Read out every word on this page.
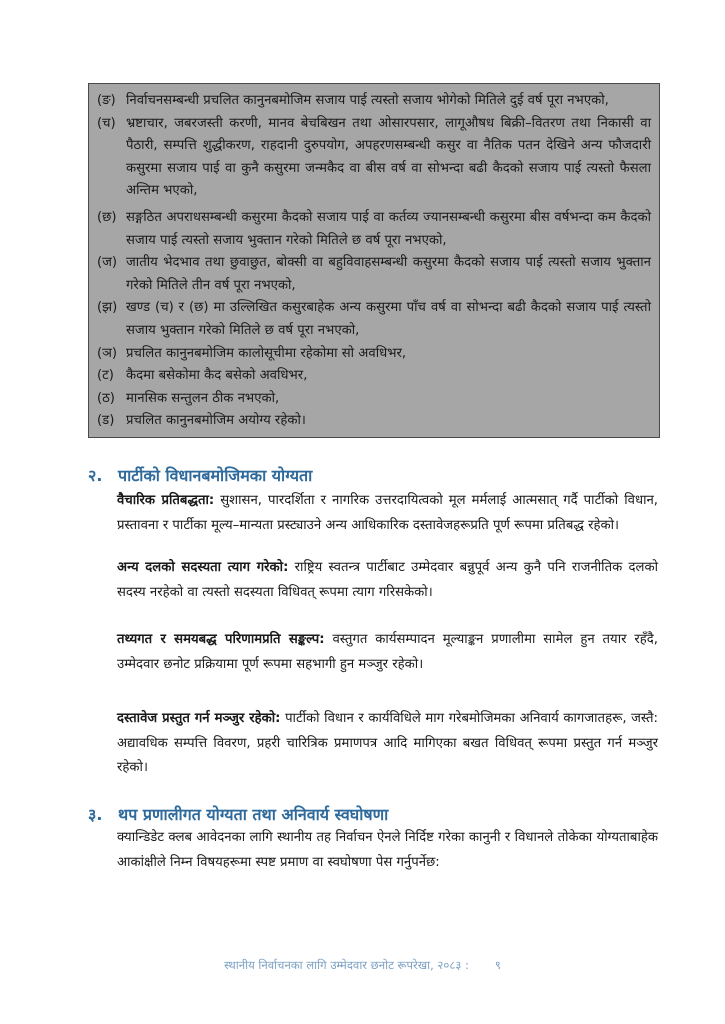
(ङ) निर्वाचनसम्बन्धी प्रचलित कानुनबमोजिम सजाय पाई त्यस्तो सजाय भोगेको मितिले दुई वर्ष पूरा नभएको,
(च) भ्रष्टाचार, जबरजस्ती करणी, मानव बेचबिखन तथा ओसारपसार, लागूऔषध बिक्री–वितरण तथा निकासी वा पैठारी, सम्पत्ति शुद्धीकरण, राहदानी दुरुपयोग, अपहरणसम्बन्धी कसुर वा नैतिक पतन देखिने अन्य फौजदारी कसुरमा सजाय पाई वा कुनै कसुरमा जन्मकैद वा बीस वर्ष वा सोभन्दा बढी कैदको सजाय पाई त्यस्तो फैसला अन्तिम भएको,
(छ) सङ्गठित अपराधसम्बन्धी कसुरमा कैदको सजाय पाई वा कर्तव्य ज्यानसम्बन्धी कसुरमा बीस वर्षभन्दा कम कैदको सजाय पाई त्यस्तो सजाय भुक्तान गरेको मितिले छ वर्ष पूरा नभएको,
(ज) जातीय भेदभाव तथा छुवाछुत, बोक्सी वा बहुविवाहसम्बन्धी कसुरमा कैदको सजाय पाई त्यस्तो सजाय भुक्तान गरेको मितिले तीन वर्ष पूरा नभएको,
(झ) खण्ड (च) र (छ) मा उल्लिखित कसुरबाहेक अन्य कसुरमा पाँच वर्ष वा सोभन्दा बढी कैदको सजाय पाई त्यस्तो सजाय भुक्तान गरेको मितिले छ वर्ष पूरा नभएको,
(ञ) प्रचलित कानुनबमोजिम कालोसूचीमा रहेकोमा सो अवधिभर,
(ट) कैदमा बसेकोमा कैद बसेको अवधिभर,
(ठ) मानसिक सन्तुलन ठीक नभएको,
(ड) प्रचलित कानुनबमोजिम अयोग्य रहेको।
२. पार्टीको विधानबमोजिमका योग्यता
वैचारिक प्रतिबद्धता: सुशासन, पारदर्शिता र नागरिक उत्तरदायित्वको मूल मर्मलाई आत्मसात् गर्दै पार्टीको विधान, प्रस्तावना र पार्टीका मूल्य–मान्यता प्रस्ट्याउने अन्य आधिकारिक दस्तावेजहरूप्रति पूर्ण रूपमा प्रतिबद्ध रहेको।
अन्य दलको सदस्यता त्याग गरेको: राष्ट्रिय स्वतन्त्र पार्टीबाट उम्मेदवार बन्नुपूर्व अन्य कुनै पनि राजनीतिक दलको सदस्य नरहेको वा त्यस्तो सदस्यता विधिवत् रूपमा त्याग गरिसकेको।
तथ्यगत र समयबद्ध परिणामप्रति सङ्कल्प: वस्तुगत कार्यसम्पादन मूल्याङ्कन प्रणालीमा सामेल हुन तयार रहँदै, उम्मेदवार छनोट प्रक्रियामा पूर्ण रूपमा सहभागी हुन मञ्जुर रहेको।
दस्तावेज प्रस्तुत गर्न मञ्जुर रहेको: पार्टीको विधान र कार्यविधिले माग गरेबमोजिमका अनिवार्य कागजातहरू, जस्तै: अद्यावधिक सम्पत्ति विवरण, प्रहरी चारित्रिक प्रमाणपत्र आदि मागिएका बखत विधिवत् रूपमा प्रस्तुत गर्न मञ्जुर रहेको।
३. थप प्रणालीगत योग्यता तथा अनिवार्य स्वघोषणा
क्यान्डिडेट क्लब आवेदनका लागि स्थानीय तह निर्वाचन ऐनले निर्दिष्ट गरेका कानुनी र विधानले तोकेका योग्यताबाहेक आकांक्षीले निम्न विषयहरूमा स्पष्ट प्रमाण वा स्वघोषणा पेस गर्नुपर्नेछ:
स्थानीय निर्वाचनका लागि उम्मेदवार छनोट रूपरेखा, २०८३ : ९
